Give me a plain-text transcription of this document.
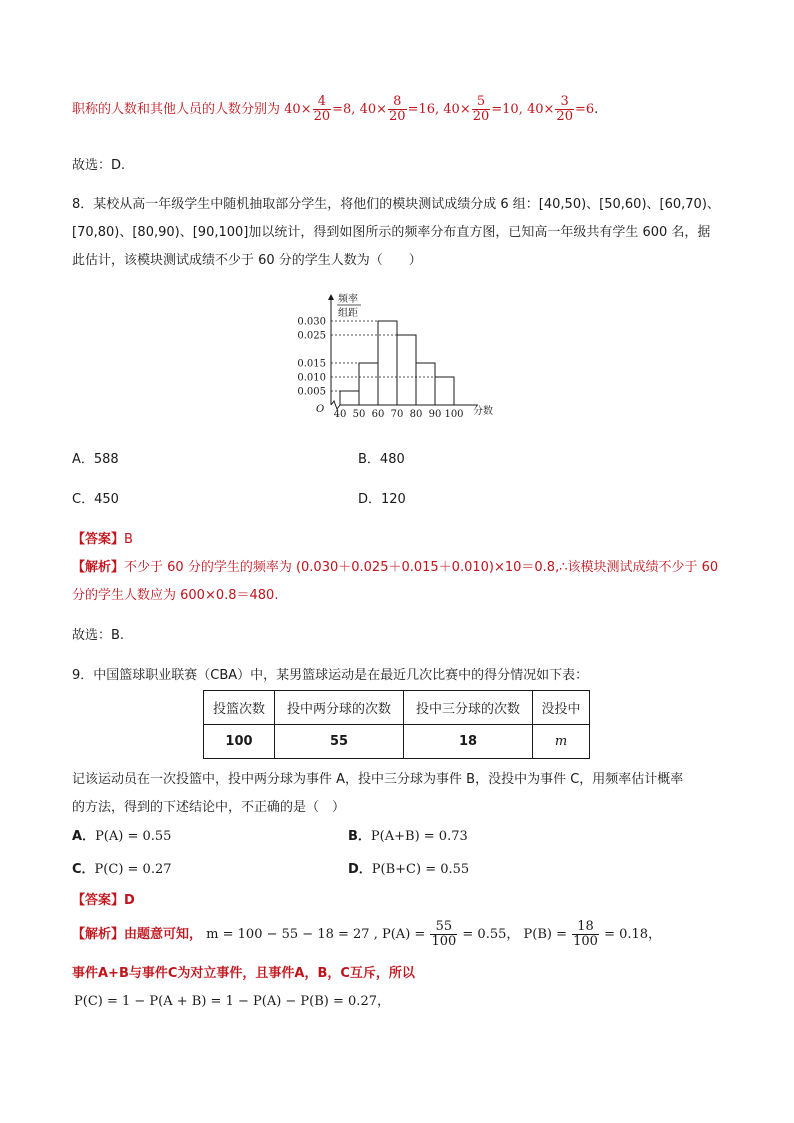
职称的人数和其他人员的人数分别为 $40\times \frac{4}{20} =8$, $40\times \frac{8}{20} =16$, $40\times \frac{5}{20} =10$, $40\times \frac{3}{20} =6$.
故选：D.
8．某校从高一年级学生中随机抽取部分学生，将他们的模块测试成绩分成 6 组：[40,50)、[50,60)、[60,70)、
[70,80)、[80,90)、[90,100]加以统计，得到如图所示的频率分布直方图，已知高一年级共有学生 600 名，据
此估计，该模块测试成绩不少于 60 分的学生人数为（　　）
0.005
0.010
0.015
0.025
0.030
40 50 60 70 80 90 100
频率
组距
分数
O
A．588	B．480
C．450	D．120
【答案】B
【解析】不少于 60 分的学生的频率为 (0.030＋0.025＋0.015＋0.010)×10＝0.8,∴该模块测试成绩不少于 60
分的学生人数应为 600×0.8＝480.
故选：B.
9．中国篮球职业联赛（CBA）中，某男篮球运动是在最近几次比赛中的得分情况如下表：
投篮次数	投中两分球的次数	投中三分球的次数	没投中
100	55	18	m
记该运动员在一次投篮中，投中两分球为事件 A，投中三分球为事件 B，没投中为事件 C，用频率估计概率
的方法，得到的下述结论中，不正确的是（　）
A．P(A) = 0.55	B．P(A+B) = 0.73
C．P(C) = 0.27	D．P(B+C) = 0.55
【答案】D
【解析】由题意可知， m = 100 − 55 − 18 = 27 , $P(A) = \frac{55}{100} = 0.55$， $P(B) = \frac{18}{100} = 0.18$，
事件A+B与事件C为对立事件，且事件A，B，C互斥，所以
P(C) = 1 − P(A + B) = 1 − P(A) − P(B) = 0.27，
